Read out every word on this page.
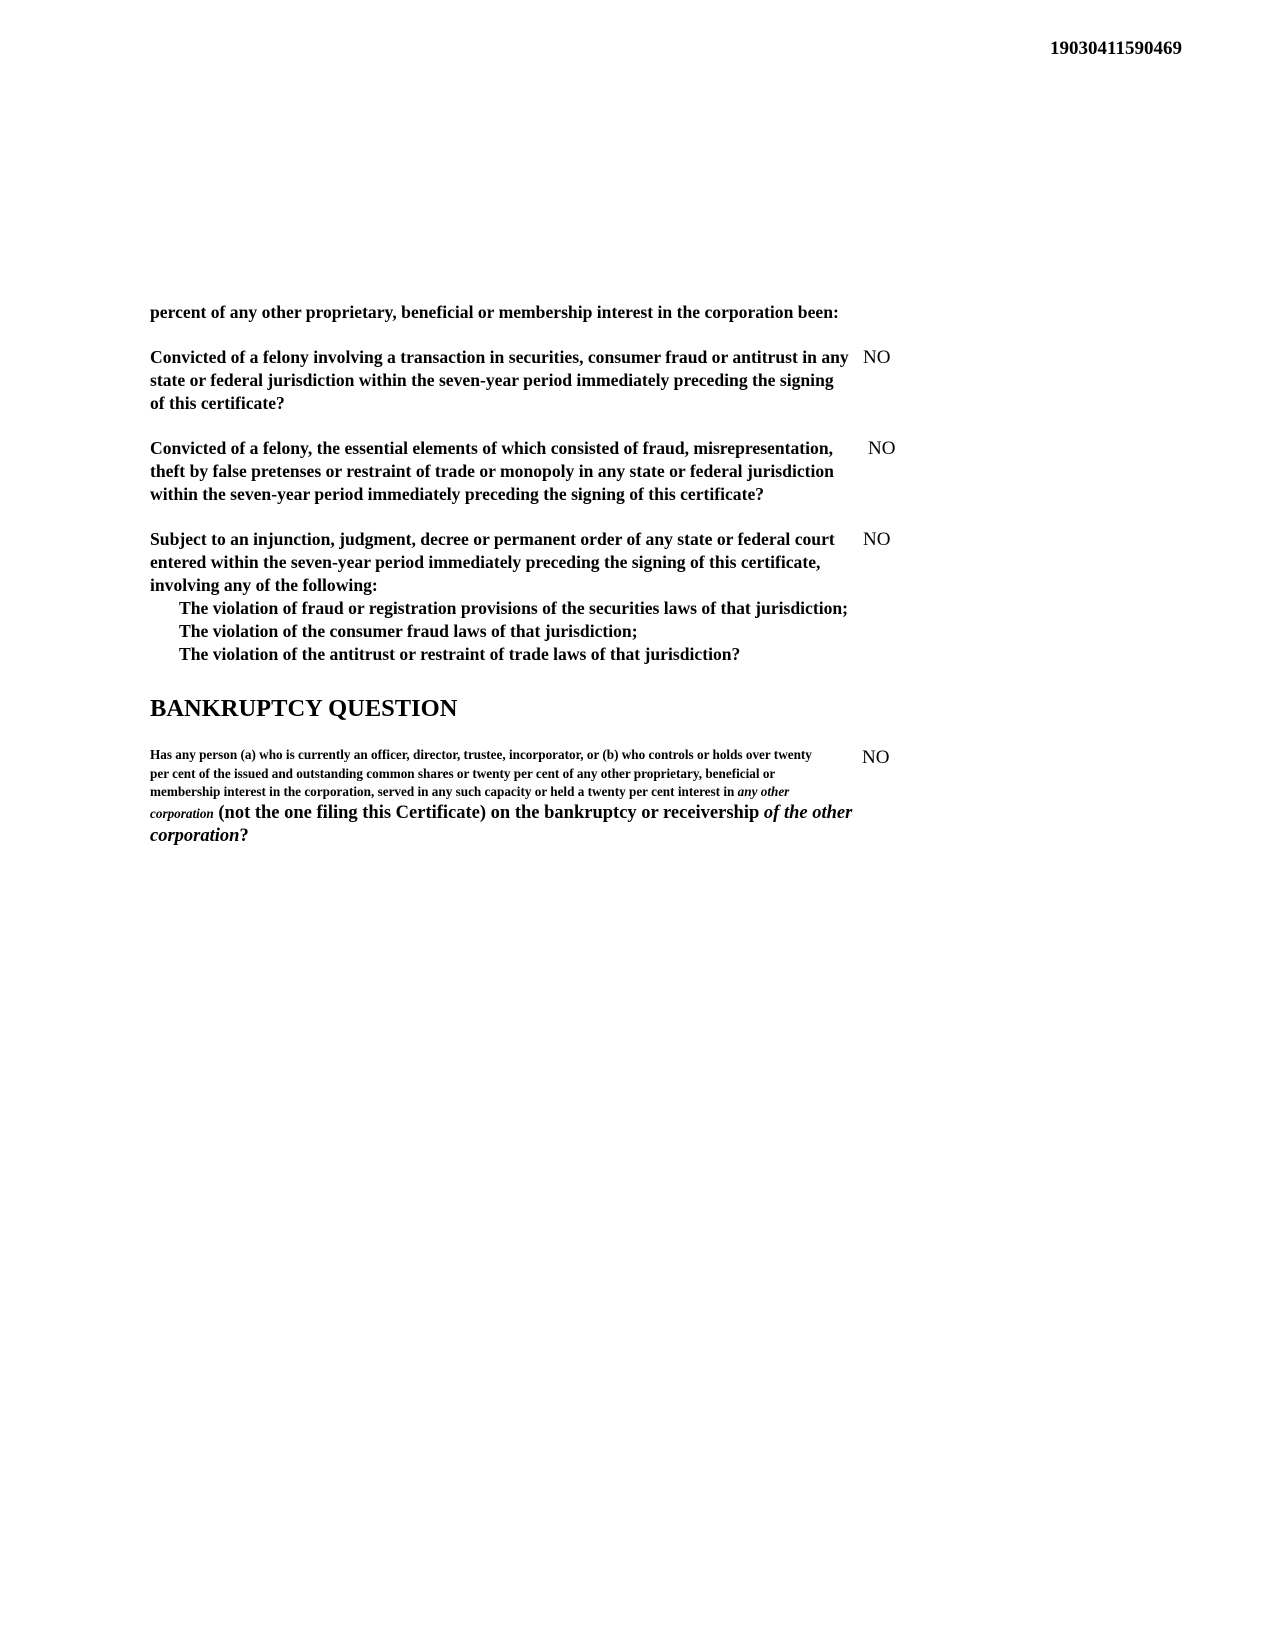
19030411590469
percent of any other proprietary, beneficial or membership interest in the corporation been:
Convicted of a felony involving a transaction in securities, consumer fraud or antitrust in any
state or federal jurisdiction within the seven-year period immediately preceding the signing
of this certificate?
NO
Convicted of a felony, the essential elements of which consisted of fraud, misrepresentation,
theft by false pretenses or restraint of trade or monopoly in any state or federal jurisdiction
within the seven-year period immediately preceding the signing of this certificate?
NO
Subject to an injunction, judgment, decree or permanent order of any state or federal court
entered within the seven-year period immediately preceding the signing of this certificate,
involving any of the following:
The violation of fraud or registration provisions of the securities laws of that jurisdiction;
The violation of the consumer fraud laws of that jurisdiction;
The violation of the antitrust or restraint of trade laws of that jurisdiction?
NO
BANKRUPTCY QUESTION
Has any person (a) who is currently an officer, director, trustee, incorporator, or (b) who controls or holds over twenty
per cent of the issued and outstanding common shares or twenty per cent of any other proprietary, beneficial or
membership interest in the corporation, served in any such capacity or held a twenty per cent interest in any other
corporation (not the one filing this Certificate) on the bankruptcy or receivership of the other
corporation?
NO
